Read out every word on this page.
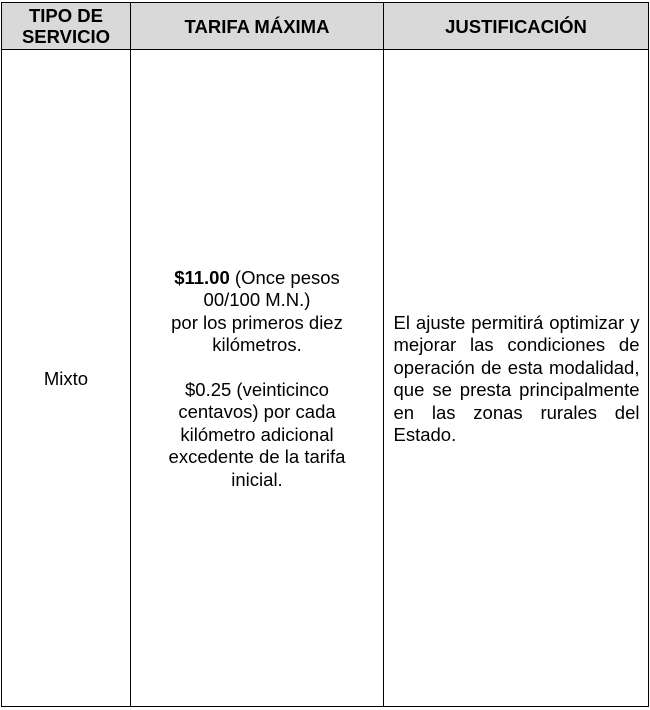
TIPO DE
SERVICIO	TARIFA MÁXIMA	JUSTIFICACIÓN
Mixto
$11.00 (Once pesos
00/100 M.N.)
por los primeros diez
kilómetros.
$0.25 (veinticinco
centavos) por cada
kilómetro adicional
excedente de la tarifa
inicial.
El ajuste permitirá optimizar y mejorar las condiciones de operación de esta modalidad, que se presta principalmente en las zonas rurales del Estado.
